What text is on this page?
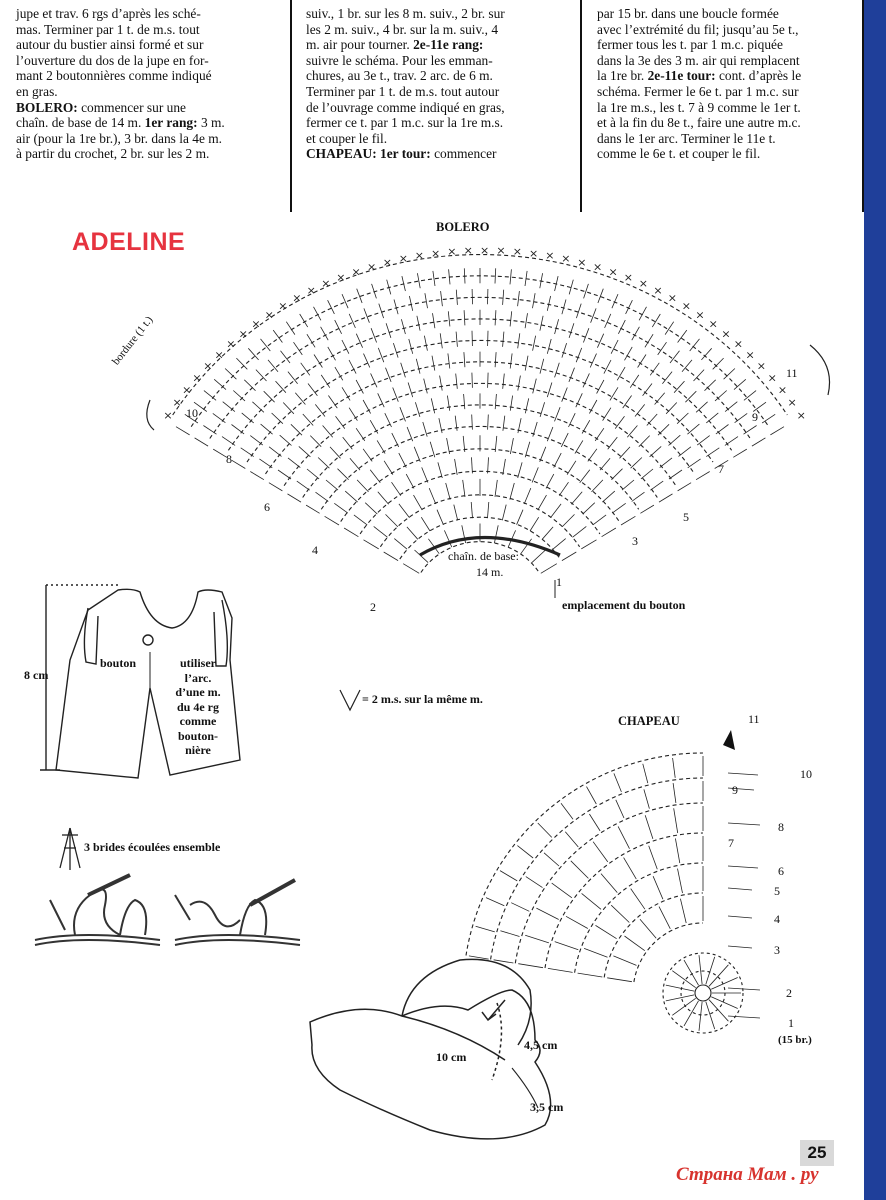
jupe et trav. 6 rgs d’après les sché-

mas. Terminer par 1 t. de m.s. tout

autour du bustier ainsi formé et sur

l’ouverture du dos de la jupe en for-

mant 2 boutonnières comme indiqué

en gras.

BOLERO: commencer sur une

chaîn. de base de 14 m. 1er rang: 3 m.

air (pour la 1re br.), 3 br. dans la 4e m.

à partir du crochet, 2 br. sur les 2 m.

suiv., 1 br. sur les 8 m. suiv., 2 br. sur

les 2 m. suiv., 4 br. sur la m. suiv., 4

m. air pour tourner. 2e-11e rang:

suivre le schéma. Pour les emman-

chures, au 3e t., trav. 2 arc. de 6 m.

Terminer par 1 t. de m.s. tout autour

de l’ouvrage comme indiqué en gras,

fermer ce t. par 1 m.c. sur la 1re m.s.

et couper le fil.

CHAPEAU: 1er tour: commencer

par 15 br. dans une boucle formée

avec l’extrémité du fil; jusqu’au 5e t.,

fermer tous les t. par 1 m.c. piquée

dans la 3e des 3 m. air qui remplacent

la 1re br. 2e-11e tour: cont. d’après le

schéma. Fermer le 6e t. par 1 m.c. sur

la 1re m.s., les t. 7 à 9 comme le 1er t.

et à la fin du 8e t., faire une autre m.c.

dans le 1er arc. Terminer le 11e t.

comme le 6e t. et couper le fil.

ADELINE
×
×
×
×
×
×
×
×
×
×
×
×
×
× × × × × × × × × × × × × × × × × × × × ×
×
×
×
×
×
×
×
×
×
×
×
×
×
BOLERO
bordure (1 t.)
chaîn. de base:
14 m.
emplacement du bouton
10
8
6
4
2
11
9
7
5
3
1
8 cm
bouton	utiliser
l’arc.
d’une m.
du 4e rg
comme
bouton-
nière
= 2 m.s. sur la même m.
3 brides écoulées ensemble
CHAPEAU	11
10
9
8
7
6
5
4
3
2
1
(15 br.)
10 cm
4,5 cm
3,5 cm
25
Страна Мам . ру
